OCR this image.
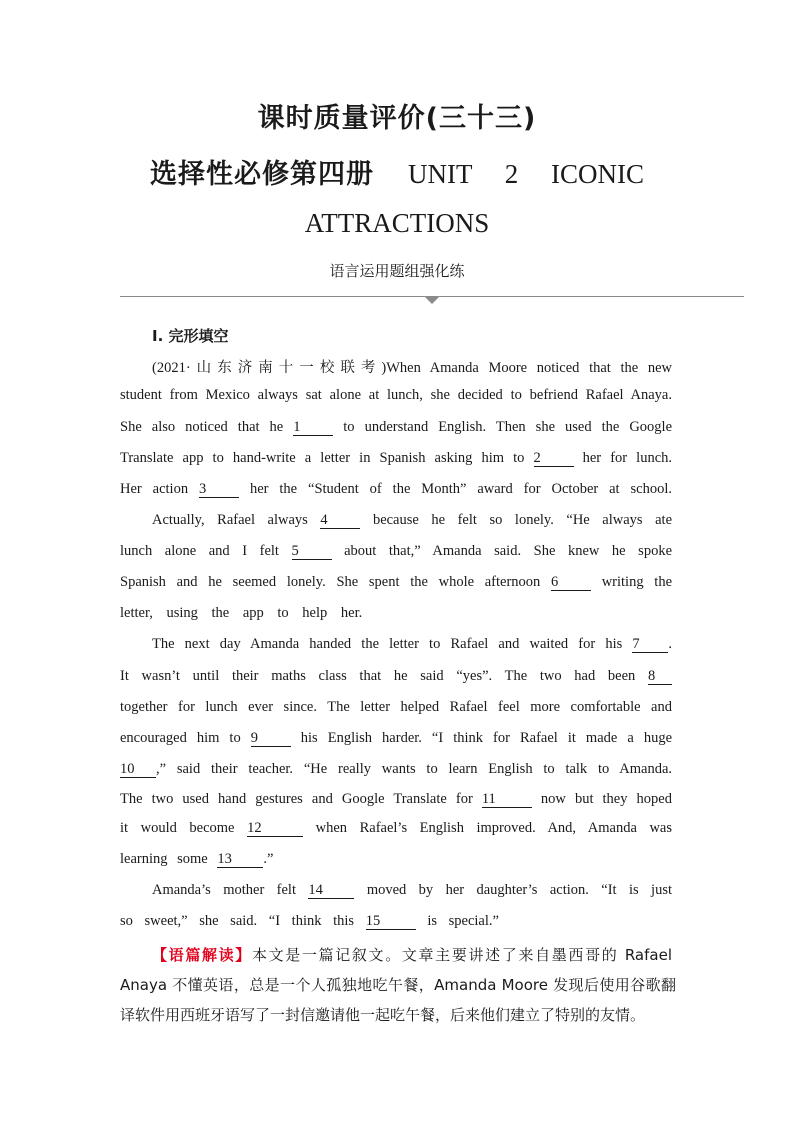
课时质量评价(三十三)
选择性必修第四册 UNIT 2 ICONIC
ATTRACTIONS
语言运用题组强化练
Ⅰ. 完形填空
(2021·山东济南十一校联考)When Amanda Moore noticed that the new
student from Mexico always sat alone at lunch, she decided to befriend Rafael Anaya.
She also noticed that he 1	to understand English. Then she used the Google
Translate app to hand-write a letter in Spanish asking him to 2	her for lunch.
Her action 3	her the “Student of the Month” award for October at school.
Actually, Rafael always 4	because he felt so lonely. “He always ate
lunch alone and I felt 5	about that,” Amanda said. She knew he spoke
Spanish and he seemed lonely. She spent the whole afternoon 6	writing the
letter, using the app to help her.
The next day Amanda handed the letter to Rafael and waited for his 7 .
It wasn’t until their maths class that he said “yes”. The two had been 8
together for lunch ever since. The letter helped Rafael feel more comfortable and
encouraged him to 9	his English harder. “I think for Rafael it made a huge
10 ,” said their teacher. “He really wants to learn English to talk to Amanda.
The two used hand gestures and Google Translate for 11	now but they hoped
it would become 12	when Rafael’s English improved. And, Amanda was
learning some 13 .”
Amanda’s mother felt 14	moved by her daughter’s action. “It is just
so sweet,” she said. “I think this 15	is special.”
【语篇解读】本文是一篇记叙文。文章主要讲述了来自墨西哥的 Rafael
Anaya 不懂英语，总是一个人孤独地吃午餐，Amanda Moore 发现后使用谷歌翻
译软件用西班牙语写了一封信邀请他一起吃午餐，后来他们建立了特别的友情。
